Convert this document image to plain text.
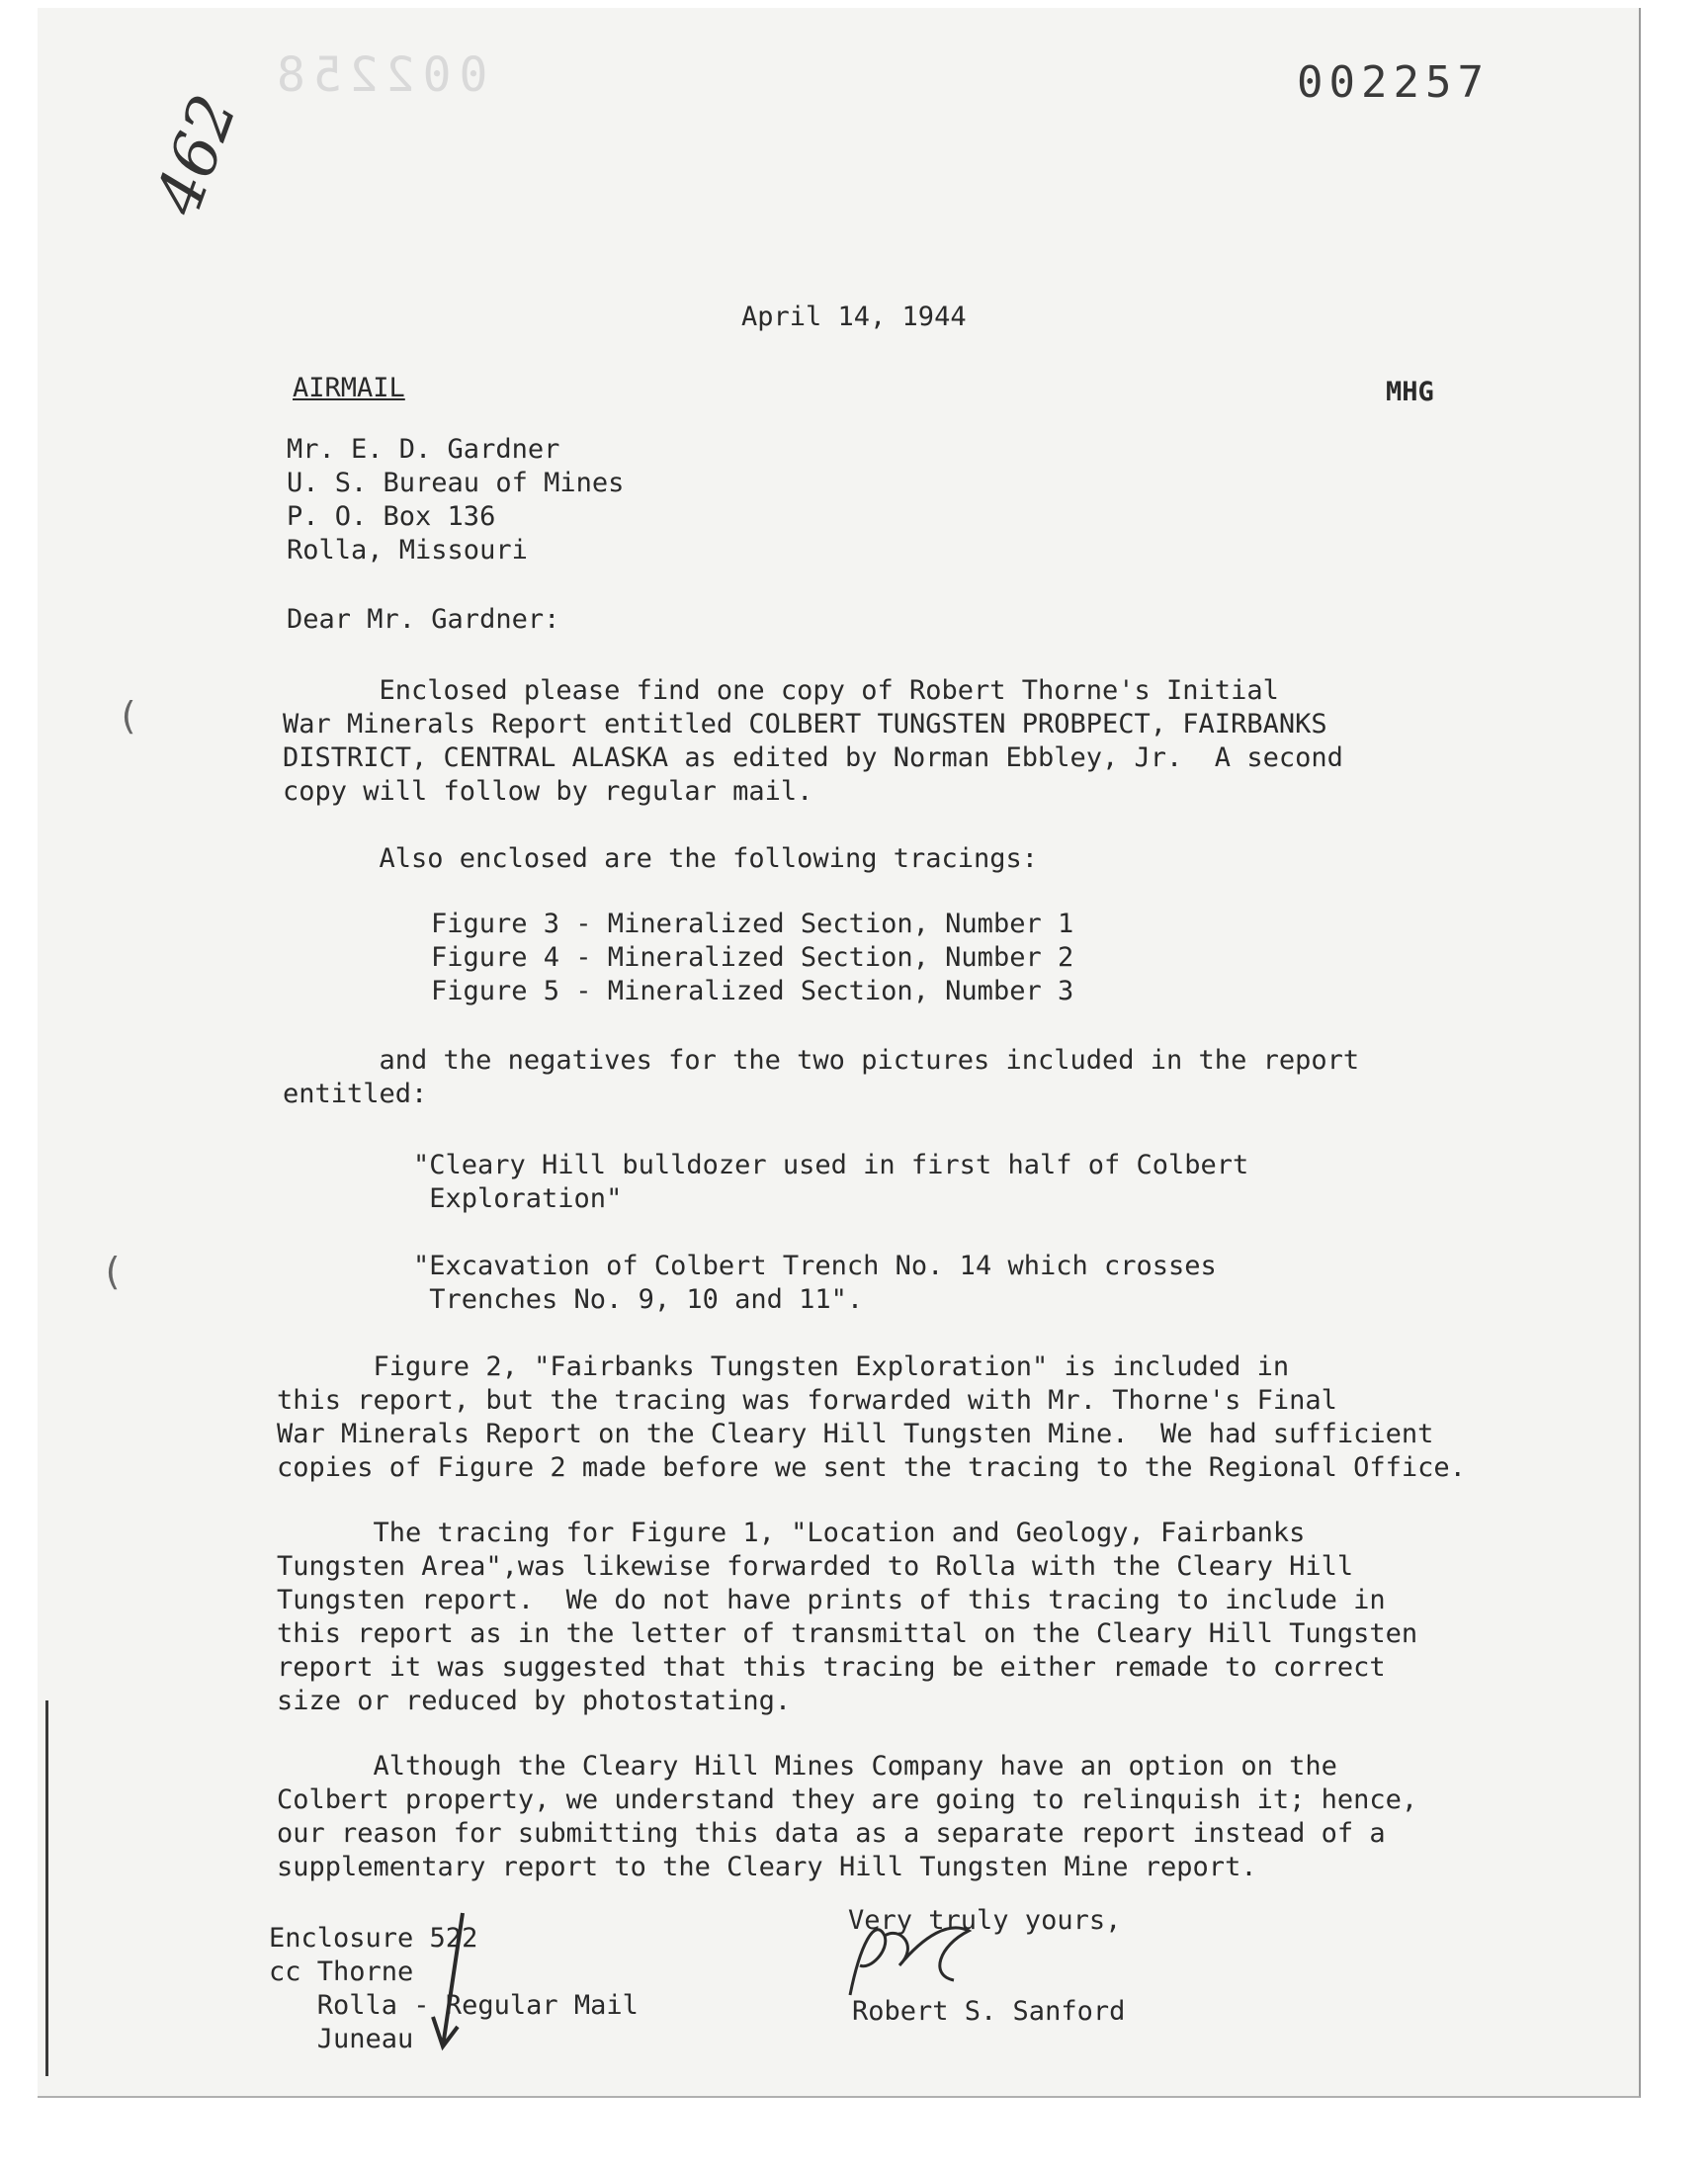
002258	002257
462
April 14, 1944
AIRMAIL	MHG
Mr. E. D. Gardner
U. S. Bureau of Mines
P. O. Box 136
Rolla, Missouri
Dear Mr. Gardner:
Enclosed please find one copy of Robert Thorne's Initial
War Minerals Report entitled COLBERT TUNGSTEN PROBPECT, FAIRBANKS
DISTRICT, CENTRAL ALASKA as edited by Norman Ebbley, Jr.  A second
copy will follow by regular mail.
Also enclosed are the following tracings:
Figure 3 - Mineralized Section, Number 1
Figure 4 - Mineralized Section, Number 2
Figure 5 - Mineralized Section, Number 3
and the negatives for the two pictures included in the report
entitled:
"Cleary Hill bulldozer used in first half of Colbert
Exploration"
"Excavation of Colbert Trench No. 14 which crosses
Trenches No. 9, 10 and 11".
Figure 2, "Fairbanks Tungsten Exploration" is included in
this report, but the tracing was forwarded with Mr. Thorne's Final
War Minerals Report on the Cleary Hill Tungsten Mine.  We had sufficient
copies of Figure 2 made before we sent the tracing to the Regional Office.
The tracing for Figure 1, "Location and Geology, Fairbanks
Tungsten Area",was likewise forwarded to Rolla with the Cleary Hill
Tungsten report.  We do not have prints of this tracing to include in
this report as in the letter of transmittal on the Cleary Hill Tungsten
report it was suggested that this tracing be either remade to correct
size or reduced by photostating.
Although the Cleary Hill Mines Company have an option on the
Colbert property, we understand they are going to relinquish it; hence,
our reason for submitting this data as a separate report instead of a
supplementary report to the Cleary Hill Tungsten Mine report.
Very truly yours,
Robert S. Sanford
Enclosure 522
cc Thorne
Rolla - Regular Mail
Juneau
(
(
